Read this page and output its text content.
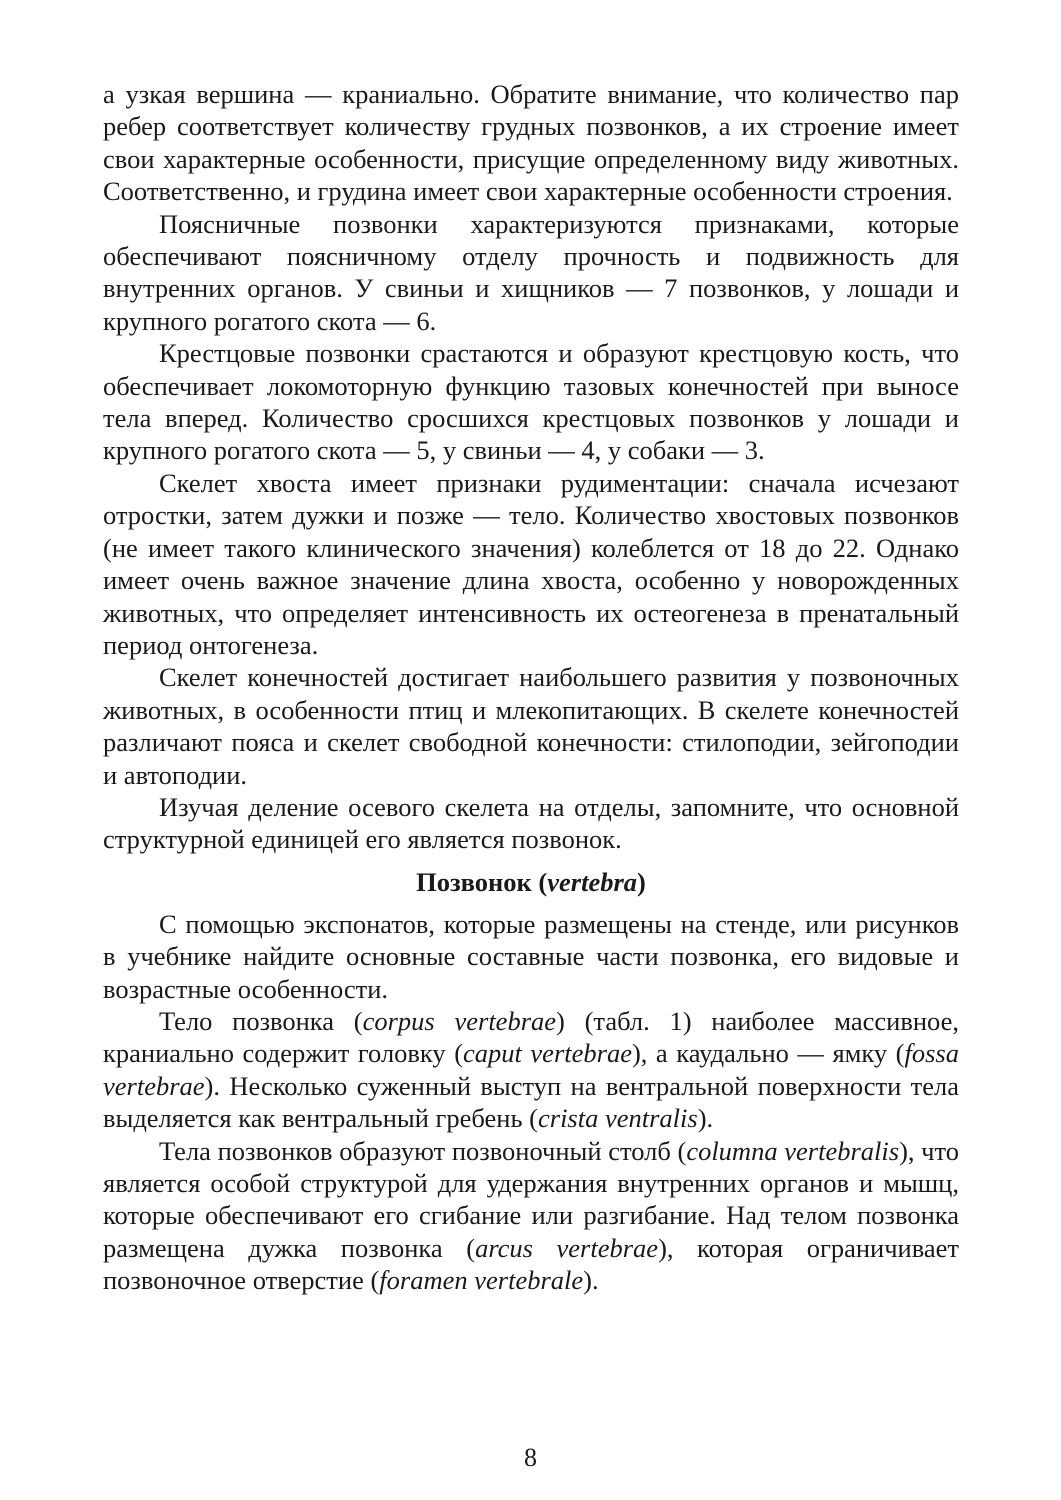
а узкая вершина — краниально. Обратите внимание, что количество пар ребер соответствует количеству грудных позвонков, а их строение имеет свои характерные особенности, присущие определенному виду животных. Соответственно, и грудина имеет свои характерные особенности строения.

Поясничные позвонки характеризуются признаками, которые обеспечивают поясничному отделу прочность и подвижность для внутренних органов. У свиньи и хищников — 7 позвонков, у лошади и крупного рогатого скота — 6.

Крестцовые позвонки срастаются и образуют крестцовую кость, что обеспечивает локомоторную функцию тазовых конечностей при выносе тела вперед. Количество сросшихся крестцовых позвонков у лошади и крупного рогатого скота — 5, у свиньи — 4, у собаки — 3.

Скелет хвоста имеет признаки рудиментации: сначала исчезают отростки, затем дужки и позже — тело. Количество хвостовых позвонков (не имеет такого клинического значения) колеблется от 18 до 22. Однако имеет очень важное значение длина хвоста, особенно у новорожденных животных, что определяет интенсивность их остеогенеза в пренатальный период онтогенеза.

Скелет конечностей достигает наибольшего развития у позвоночных животных, в особенности птиц и млекопитающих. В скелете конечностей различают пояса и скелет свободной конечности: стилоподии, зейгоподии и автоподии.

Изучая деление осевого скелета на отделы, запомните, что основной структурной единицей его является позвонок.

Позвонок (vertebra)

С помощью экспонатов, которые размещены на стенде, или рисунков в учебнике найдите основные составные части позвонка, его видовые и возрастные особенности.

Тело позвонка (corpus vertebrae) (табл. 1) наиболее массивное, краниально содержит головку (caput vertebrae), а каудально — ямку (fossa vertebrae). Несколько суженный выступ на вентральной поверхности тела выделяется как вентральный гребень (crista ventralis).

Тела позвонков образуют позвоночный столб (columna vertebralis), что является особой структурой для удержания внутренних органов и мышц, которые обеспечивают его сгибание или разгибание. Над телом позвонка размещена дужка позвонка (arcus vertebrae), которая ограничивает позвоночное отверстие (foramen vertebrale).

8
